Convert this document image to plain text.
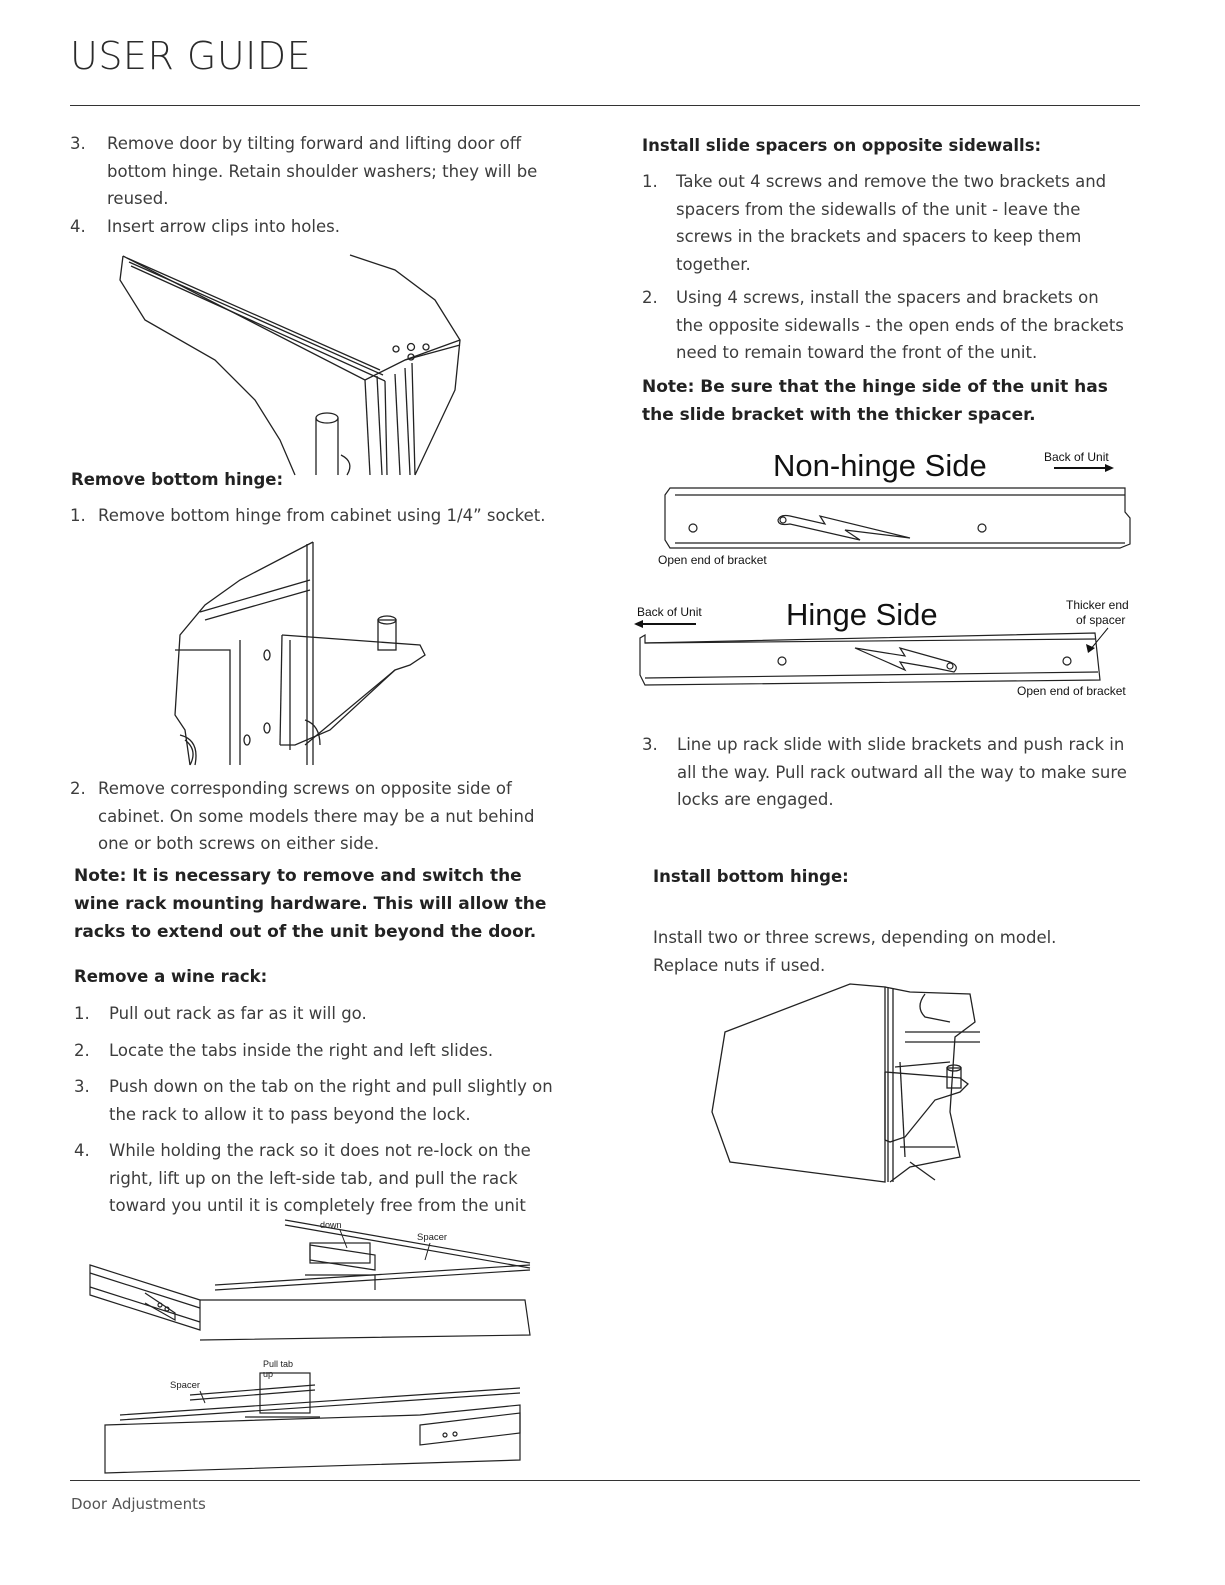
USER GUIDE
3. Remove door by tilting forward and lifting door off
bottom hinge. Retain shoulder washers; they will be
reused.
4. Insert arrow clips into holes.
Remove bottom hinge:
1. Remove bottom hinge from cabinet using 1/4” socket.
2. Remove corresponding screws on opposite side of
cabinet. On some models there may be a nut behind
one or both screws on either side.
Note: It is necessary to remove and switch the
wine rack mounting hardware. This will allow the
racks to extend out of the unit beyond the door.
Remove a wine rack:
1. Pull out rack as far as it will go.
2. Locate the tabs inside the right and left slides.
3. Push down on the tab on the right and pull slightly on
the rack to allow it to pass beyond the lock.
4. While holding the rack so it does not re-lock on the
right, lift up on the left-side tab, and pull the rack
toward you until it is completely free from the unit
down
Spacer
Pull tab
up
Spacer
Install slide spacers on opposite sidewalls:
1. Take out 4 screws and remove the two brackets and
spacers from the sidewalls of the unit - leave the
screws in the brackets and spacers to keep them
together.
2. Using 4 screws, install the spacers and brackets on
the opposite sidewalls - the open ends of the brackets
need to remain toward the front of the unit.
Note: Be sure that the hinge side of the unit has
the slide bracket with the thicker spacer.
Non-hinge Side	Back of Unit
Open end of bracket
Hinge Side
Back of Unit	Thicker end
of spacer
Open end of bracket
3. Line up rack slide with slide brackets and push rack in
all the way. Pull rack outward all the way to make sure
locks are engaged.
Install bottom hinge:
Install two or three screws, depending on model.
Replace nuts if used.
Door Adjustments
